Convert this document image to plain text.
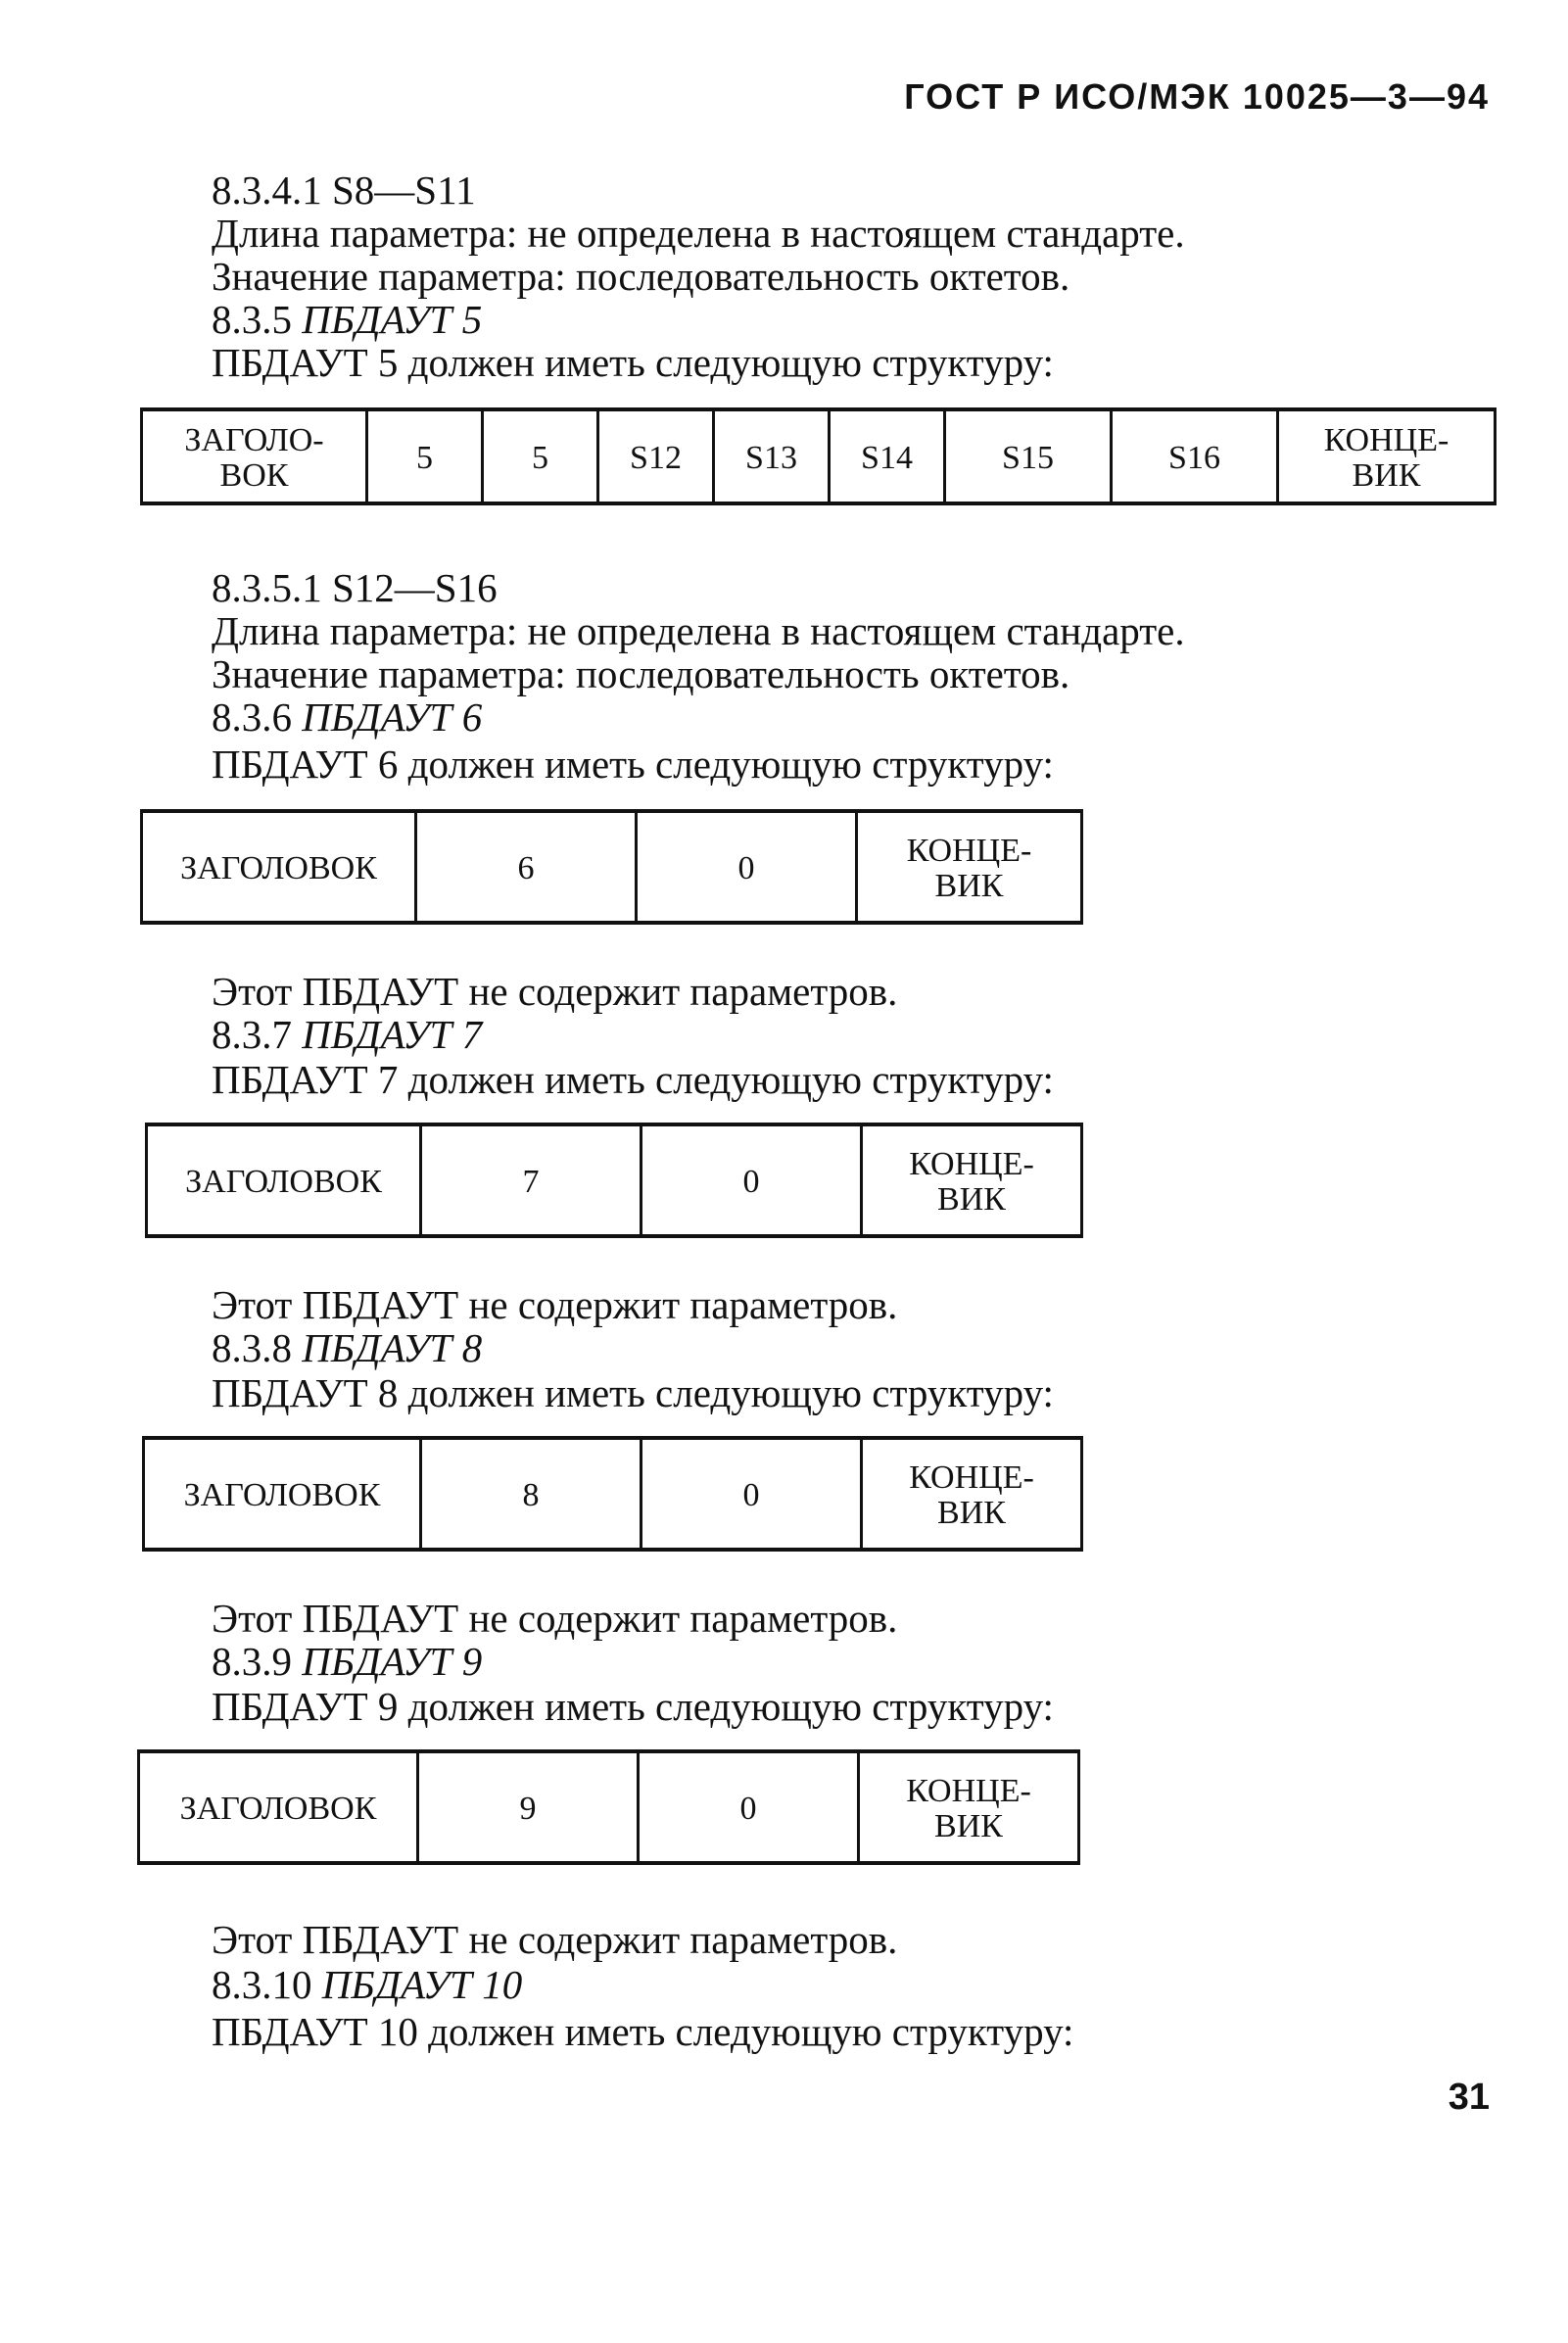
ГОСТ Р ИСО/МЭК 10025—3—94
8.3.4.1 S8—S11
Длина параметра: не определена в настоящем стандарте.
Значение параметра: последовательность октетов.
8.3.5 ПБДАУТ 5
ПБДАУТ 5 должен иметь следующую структуру:
ЗАГОЛО-
ВОК	5	5	S12	S13	S14	S15	S16	КОНЦЕ-
ВИК
8.3.5.1 S12—S16
Длина параметра: не определена в настоящем стандарте.
Значение параметра: последовательность октетов.
8.3.6 ПБДАУТ 6
ПБДАУТ 6 должен иметь следующую структуру:
ЗАГОЛОВОК	6	0	КОНЦЕ-
ВИК
Этот ПБДАУТ не содержит параметров.
8.3.7 ПБДАУТ 7
ПБДАУТ 7 должен иметь следующую структуру:
ЗАГОЛОВОК	7	0	КОНЦЕ-
ВИК
Этот ПБДАУТ не содержит параметров.
8.3.8 ПБДАУТ 8
ПБДАУТ 8 должен иметь следующую структуру:
ЗАГОЛОВОК	8	0	КОНЦЕ-
ВИК
Этот ПБДАУТ не содержит параметров.
8.3.9 ПБДАУТ 9
ПБДАУТ 9 должен иметь следующую структуру:
ЗАГОЛОВОК	9	0	КОНЦЕ-
ВИК
Этот ПБДАУТ не содержит параметров.
8.3.10 ПБДАУТ 10
ПБДАУТ 10 должен иметь следующую структуру:
31
